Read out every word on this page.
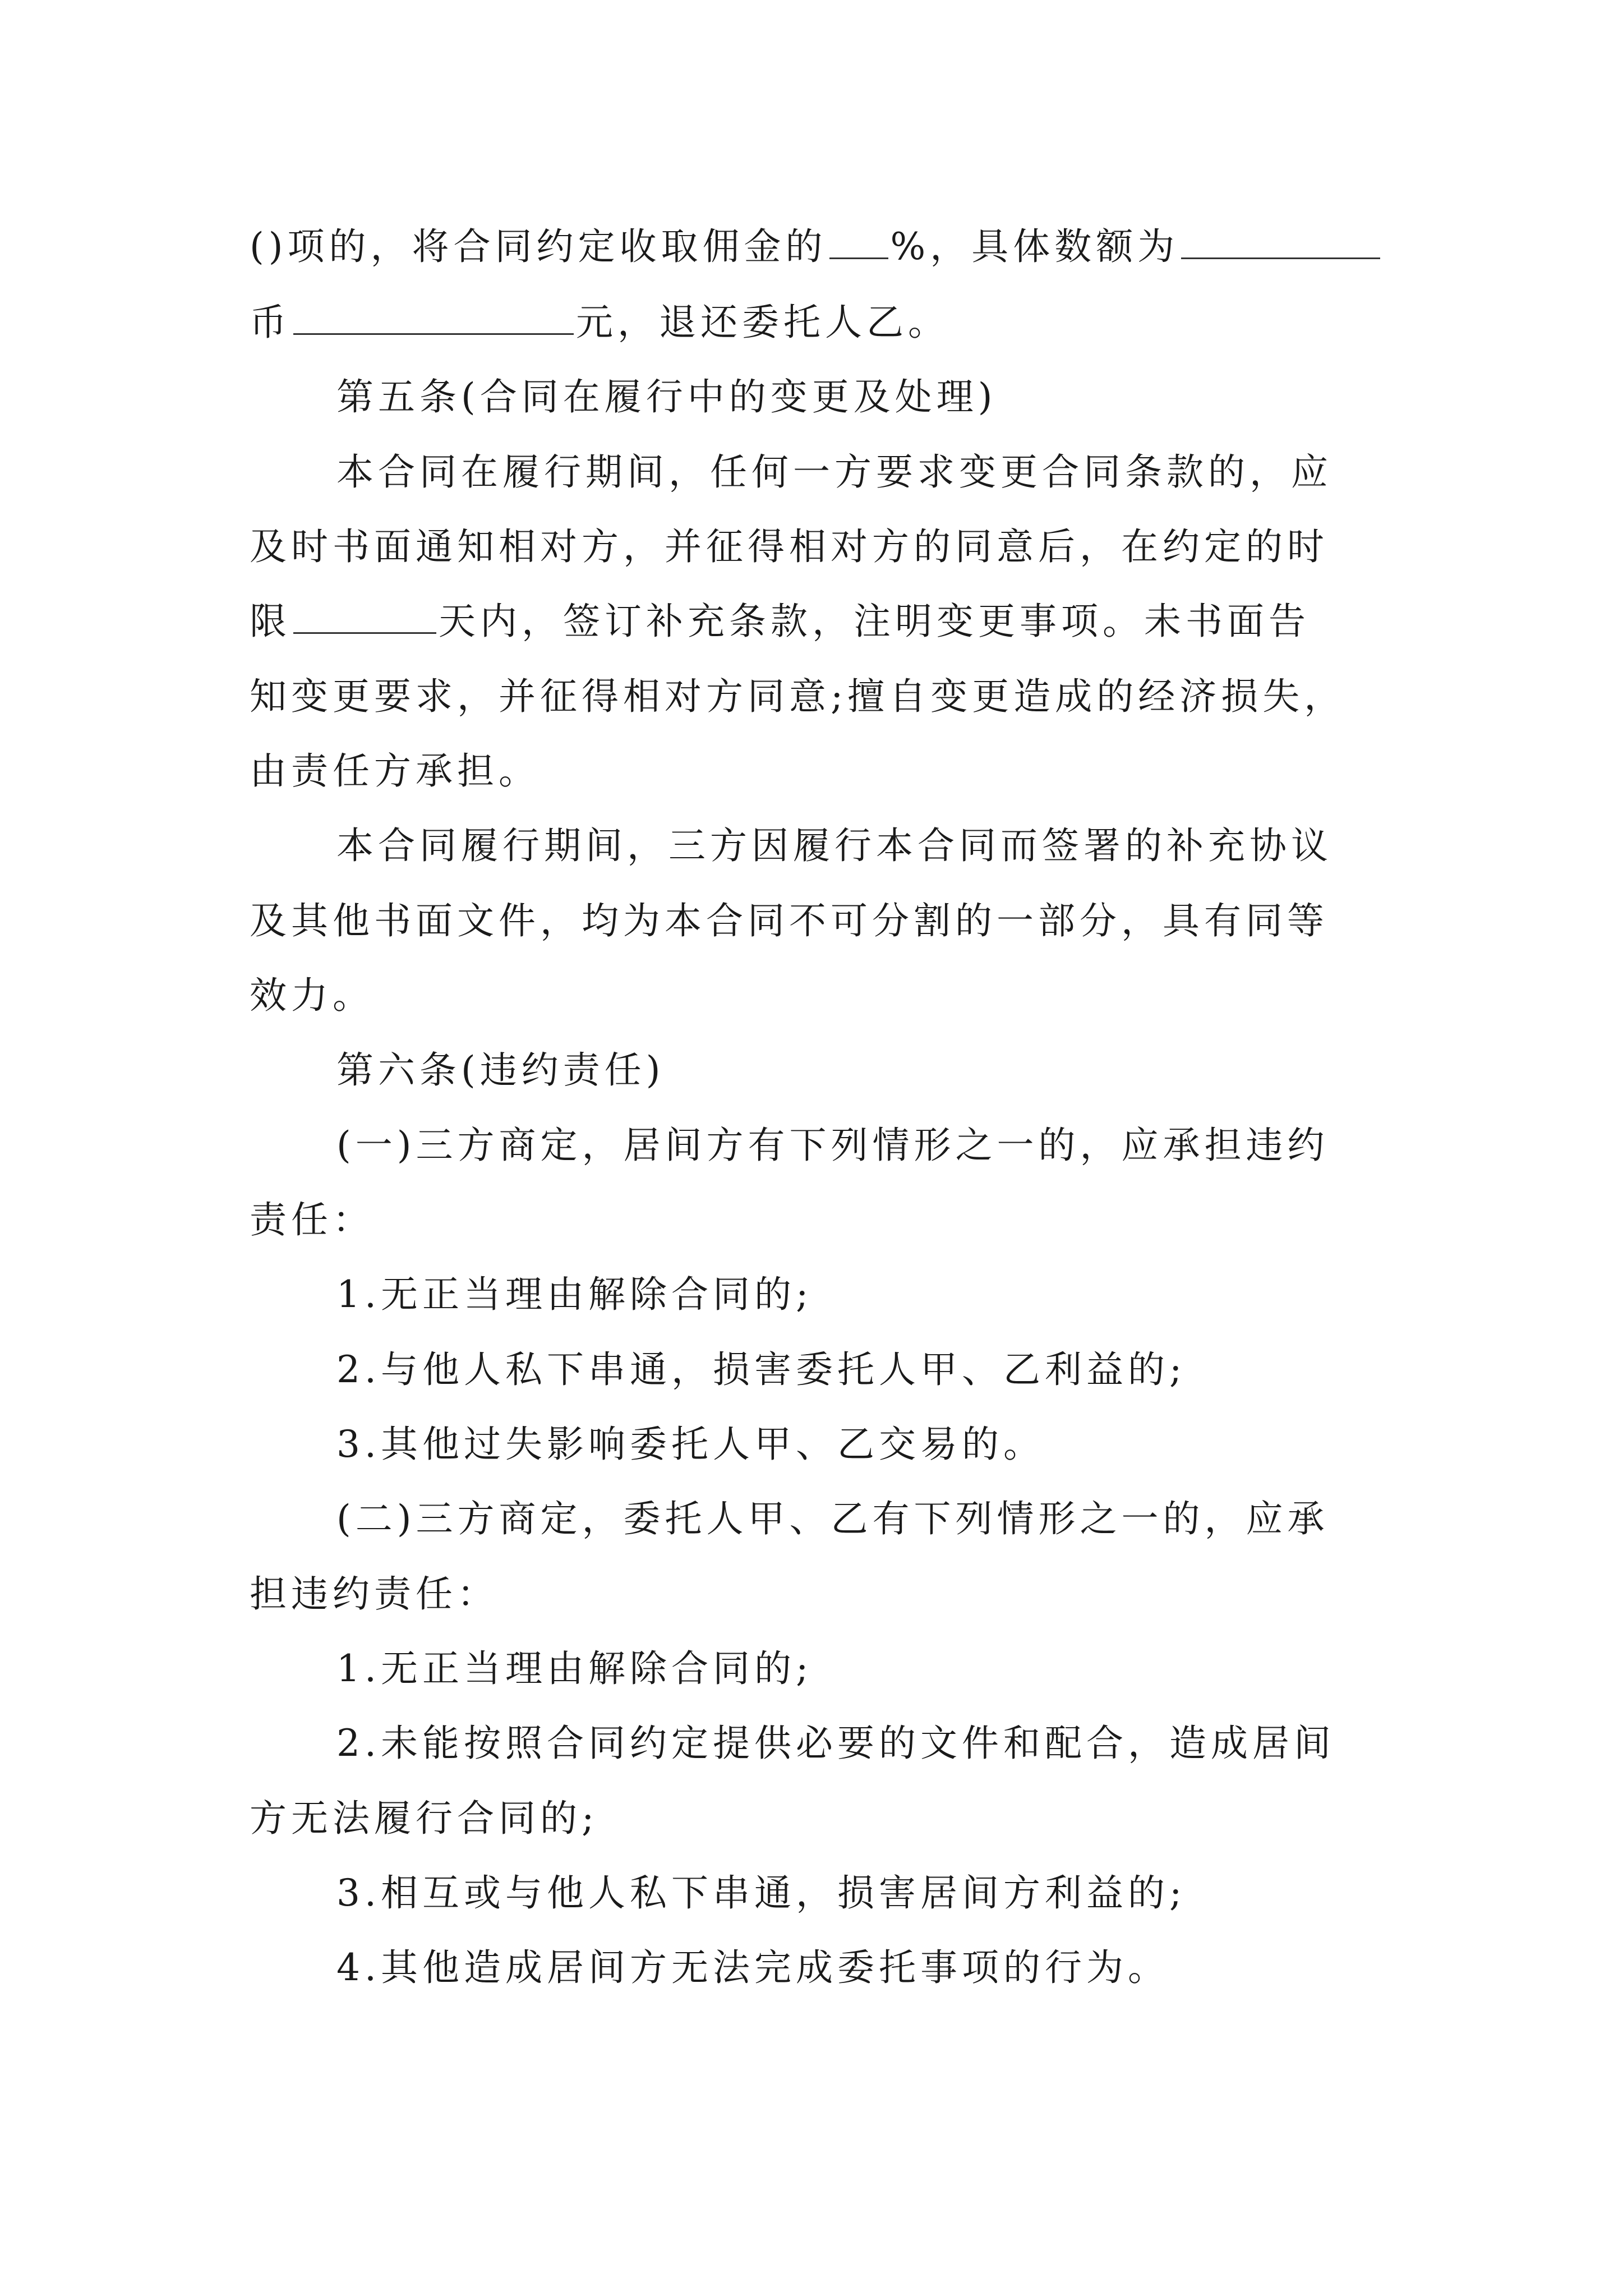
()项的，将合同约定收取佣金的 %，具体数额为
币	元，退还委托人乙。
第五条(合同在履行中的变更及处理)
本合同在履行期间，任何一方要求变更合同条款的，应
及时书面通知相对方，并征得相对方的同意后，在约定的时
限	天内，签订补充条款，注明变更事项。未书面告
知变更要求，并征得相对方同意;擅自变更造成的经济损失，
由责任方承担。
本合同履行期间，三方因履行本合同而签署的补充协议
及其他书面文件，均为本合同不可分割的一部分，具有同等
效力。
第六条(违约责任)
(一)三方商定，居间方有下列情形之一的，应承担违约
责任：
1.无正当理由解除合同的;
2.与他人私下串通，损害委托人甲、乙利益的;
3.其他过失影响委托人甲、乙交易的。
(二)三方商定，委托人甲、乙有下列情形之一的，应承
担违约责任：
1.无正当理由解除合同的;
2.未能按照合同约定提供必要的文件和配合，造成居间
方无法履行合同的;
3.相互或与他人私下串通，损害居间方利益的;
4.其他造成居间方无法完成委托事项的行为。
